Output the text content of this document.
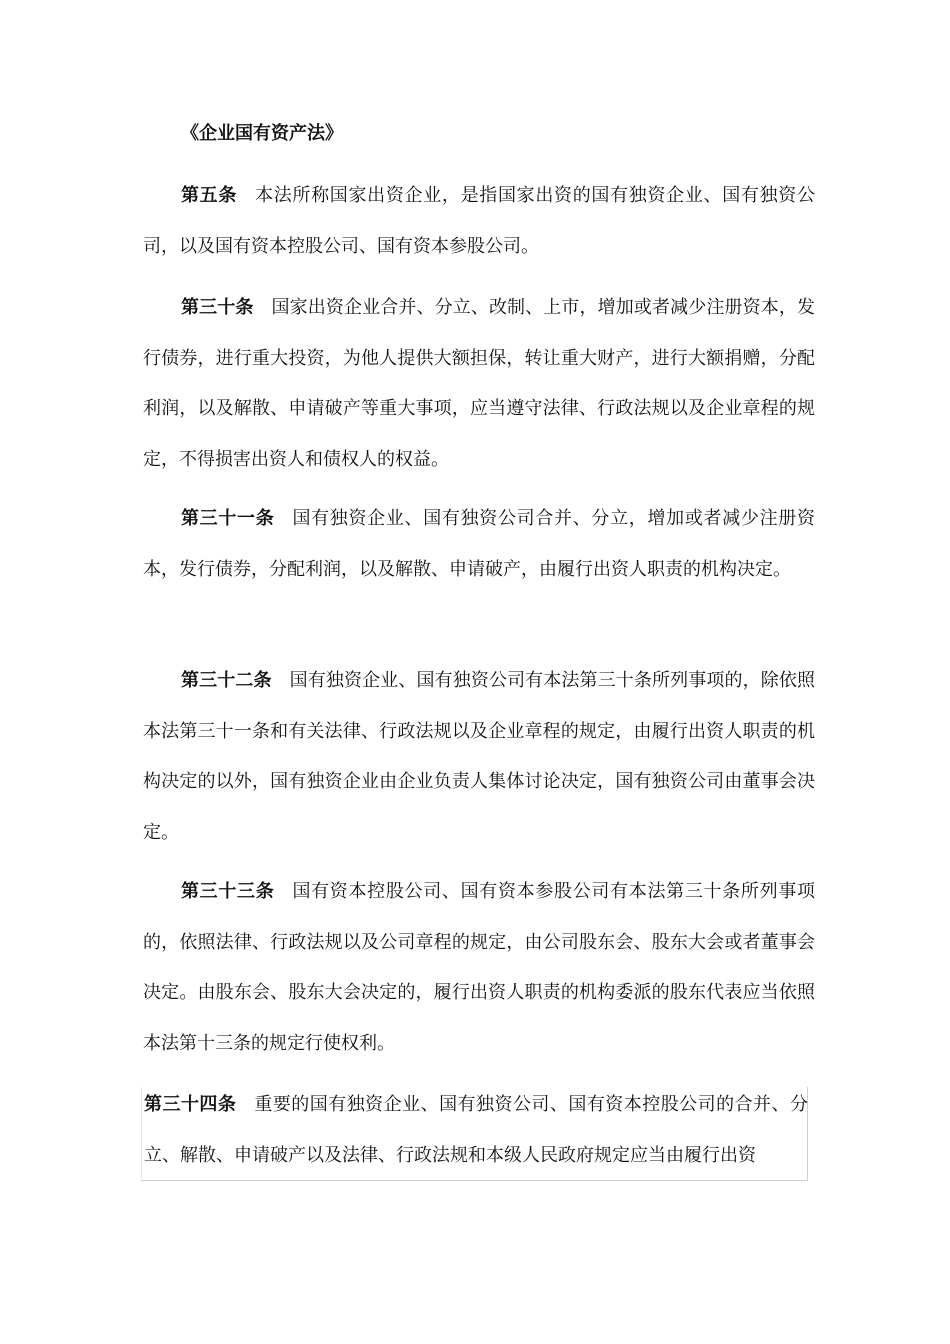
《企业国有资产法》

第五条 本法所称国家出资企业，是指国家出资的国有独资企业、国有独资公司，以及国有资本控股公司、国有资本参股公司。

第三十条 国家出资企业合并、分立、改制、上市，增加或者减少注册资本，发行债券，进行重大投资，为他人提供大额担保，转让重大财产，进行大额捐赠，分配利润，以及解散、申请破产等重大事项，应当遵守法律、行政法规以及企业章程的规定，不得损害出资人和债权人的权益。

第三十一条 国有独资企业、国有独资公司合并、分立，增加或者减少注册资本，发行债券，分配利润，以及解散、申请破产，由履行出资人职责的机构决定。

第三十二条 国有独资企业、国有独资公司有本法第三十条所列事项的，除依照本法第三十一条和有关法律、行政法规以及企业章程的规定，由履行出资人职责的机构决定的以外，国有独资企业由企业负责人集体讨论决定，国有独资公司由董事会决定。

第三十三条 国有资本控股公司、国有资本参股公司有本法第三十条所列事项的，依照法律、行政法规以及公司章程的规定，由公司股东会、股东大会或者董事会决定。由股东会、股东大会决定的，履行出资人职责的机构委派的股东代表应当依照本法第十三条的规定行使权利。

第三十四条 重要的国有独资企业、国有独资公司、国有资本控股公司的合并、分立、解散、申请破产以及法律、行政法规和本级人民政府规定应当由履行出资
